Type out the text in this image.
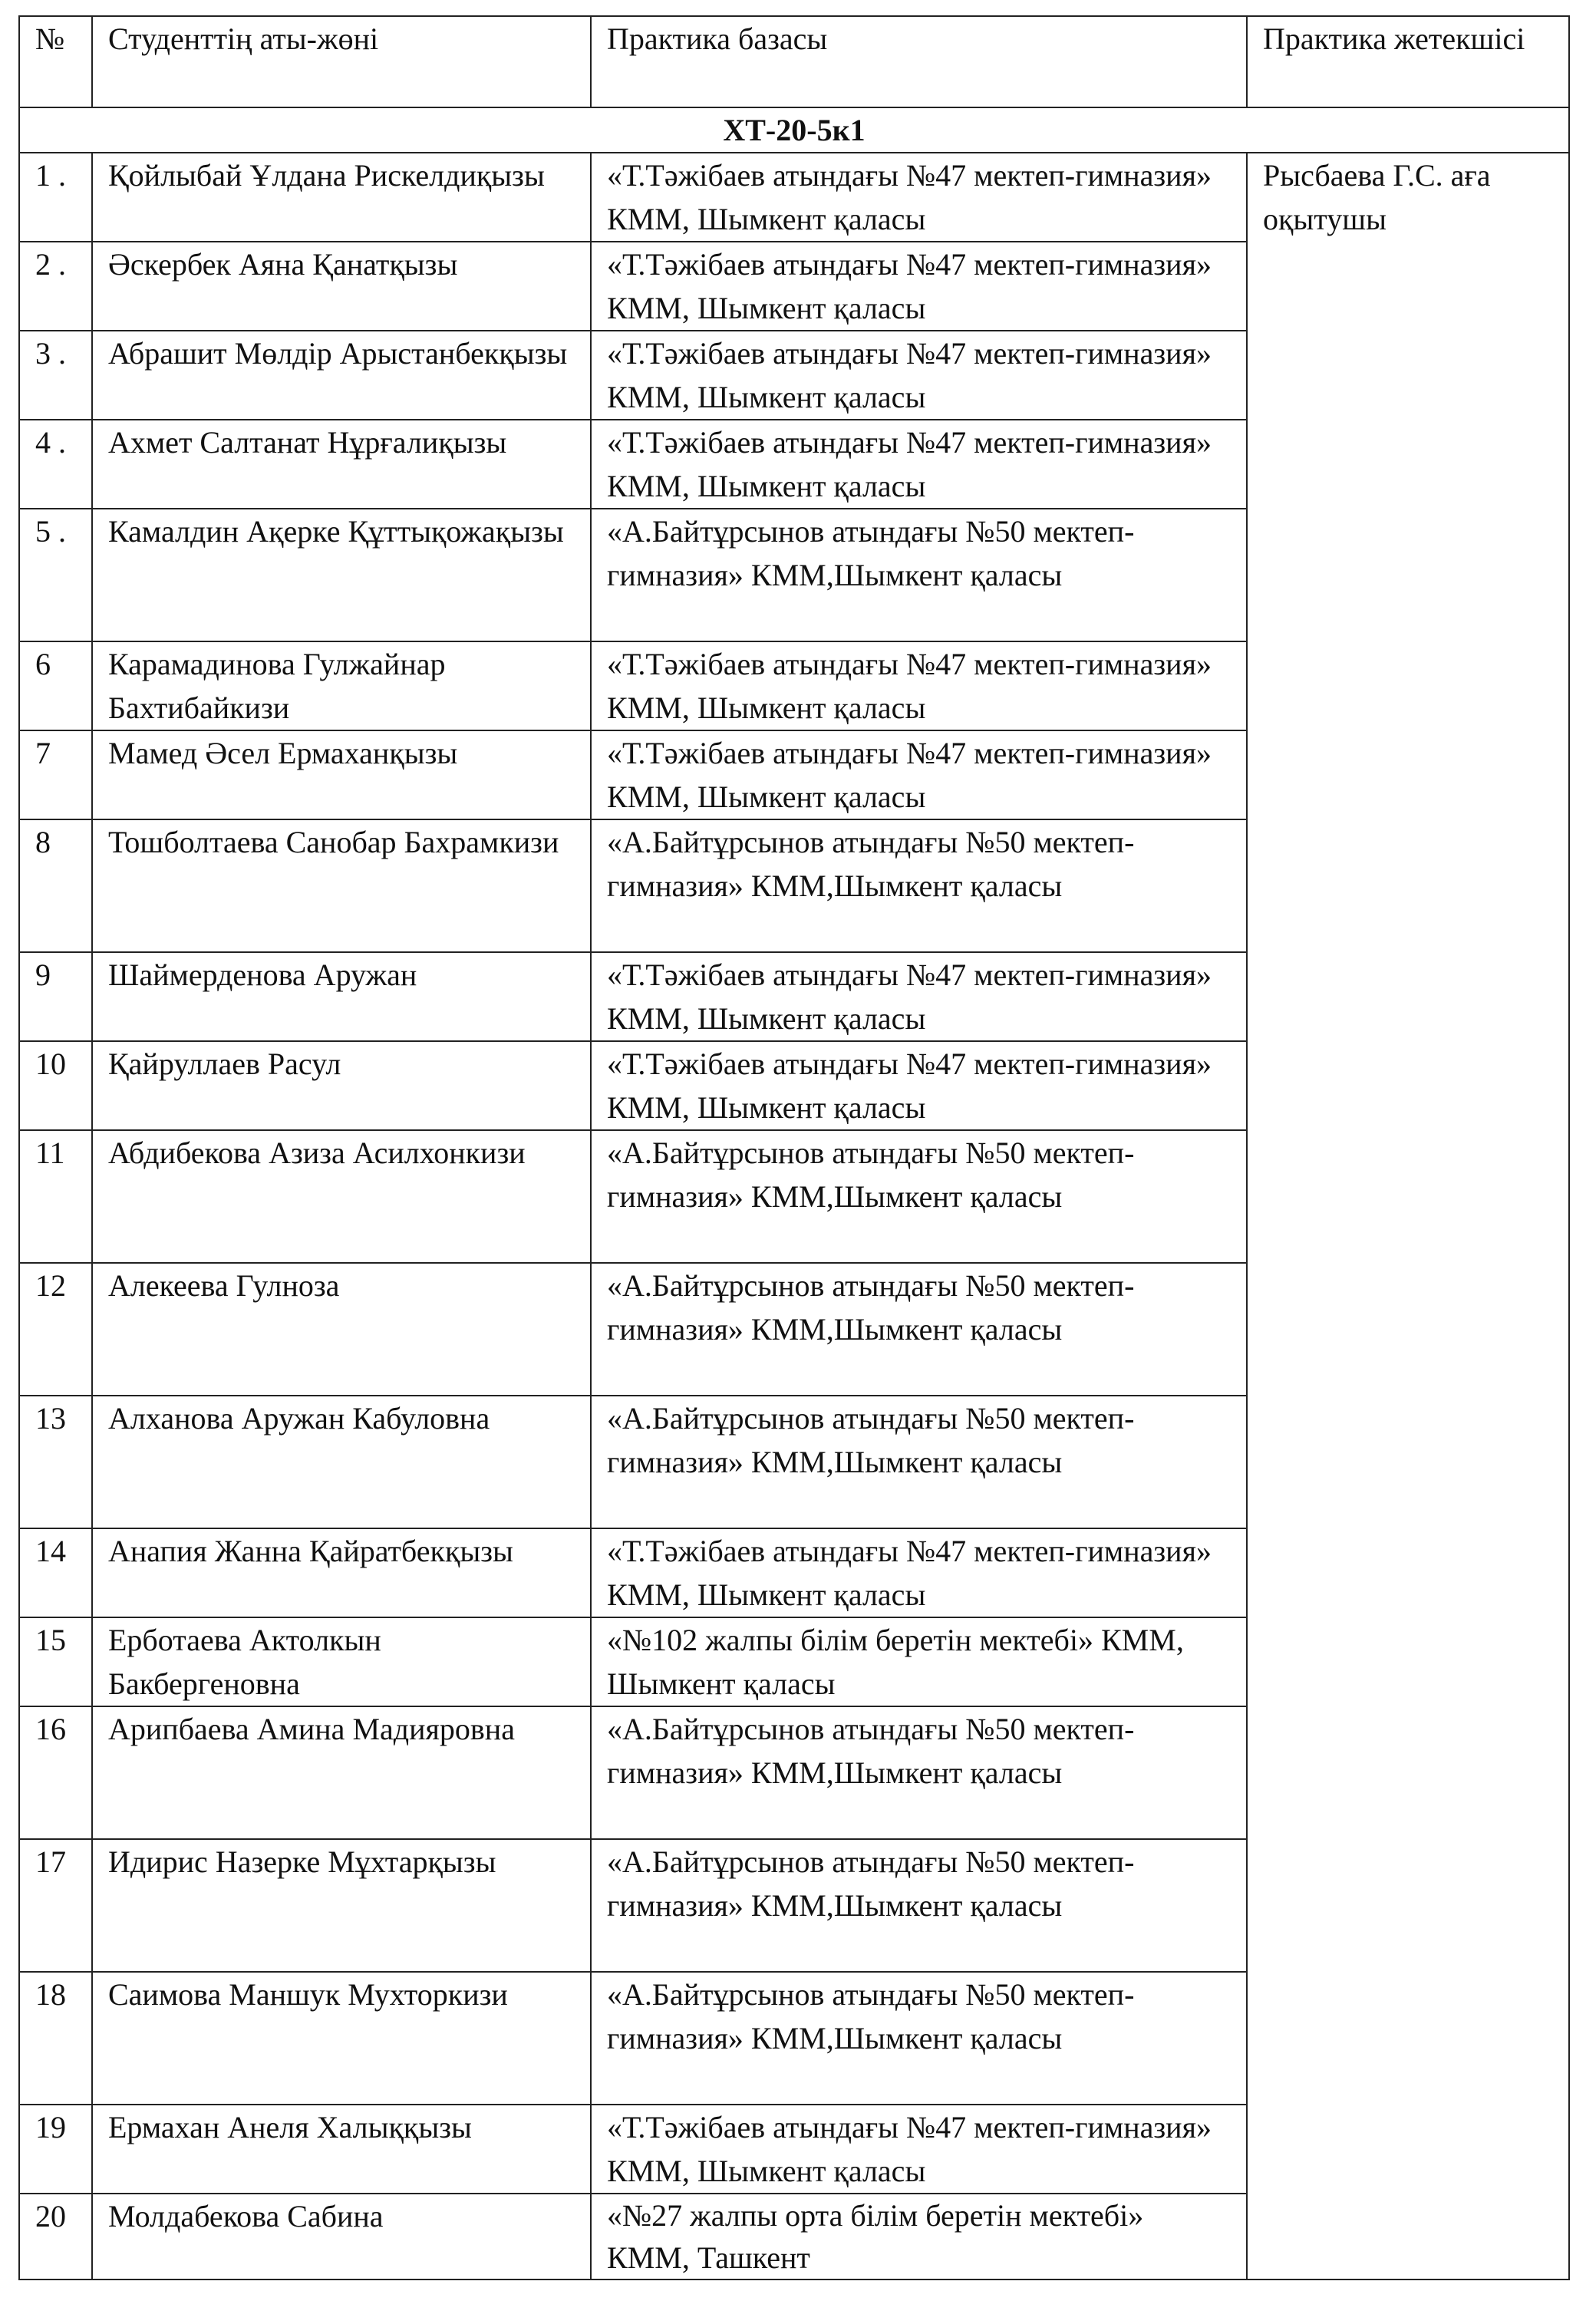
№	Студенттің аты-жөні	Практика базасы	Практика жетекшісі
ХТ-20-5к1			
1 .	Қойлыбай Ұлдана Рискелдиқызы	«Т.Тәжібаев атындағы №47 мектеп-гимназия» КММ, Шымкент қаласы	Рысбаева Г.С. аға оқытушы
2 .	Әскербек Аяна Қанатқызы	«Т.Тәжібаев атындағы №47 мектеп-гимназия» КММ, Шымкент қаласы	
3 .	Абрашит Мөлдір Арыстанбекқызы	«Т.Тәжібаев атындағы №47 мектеп-гимназия» КММ, Шымкент қаласы	
4 .	Ахмет Салтанат Нұрғалиқызы	«Т.Тәжібаев атындағы №47 мектеп-гимназия» КММ, Шымкент қаласы	
5 .	Камалдин Ақерке Құттықожақызы	«А.Байтұрсынов атындағы №50 мектеп-гимназия» КММ,Шымкент қаласы	
6	Карамадинова Гулжайнар Бахтибайкизи	«Т.Тәжібаев атындағы №47 мектеп-гимназия» КММ, Шымкент қаласы	
7	Мамед Әсел Ермаханқызы	«Т.Тәжібаев атындағы №47 мектеп-гимназия» КММ, Шымкент қаласы	
8	Тошболтаева Санобар Бахрамкизи	«А.Байтұрсынов атындағы №50 мектеп-гимназия» КММ,Шымкент қаласы	
9	Шаймерденова Аружан	«Т.Тәжібаев атындағы №47 мектеп-гимназия» КММ, Шымкент қаласы	
10	Қайруллаев Расул	«Т.Тәжібаев атындағы №47 мектеп-гимназия» КММ, Шымкент қаласы	
11	Абдибекова Азиза Асилхонкизи	«А.Байтұрсынов атындағы №50 мектеп-гимназия» КММ,Шымкент қаласы	
12	Алекеева Гулноза	«А.Байтұрсынов атындағы №50 мектеп-гимназия» КММ,Шымкент қаласы	
13	Алханова Аружан Кабуловна	«А.Байтұрсынов атындағы №50 мектеп-гимназия» КММ,Шымкент қаласы	
14	Анапия Жанна Қайратбекқызы	«Т.Тәжібаев атындағы №47 мектеп-гимназия» КММ, Шымкент қаласы	
15	Ерботаева Актолкын Бакбергеновна	«№102 жалпы білім беретін мектебі» КММ, Шымкент қаласы	
16	Арипбаева Амина Мадияровна	«А.Байтұрсынов атындағы №50 мектеп-гимназия» КММ,Шымкент қаласы	
17	Идирис Назерке Мұхтарқызы	«А.Байтұрсынов атындағы №50 мектеп-гимназия» КММ,Шымкент қаласы	
18	Саимова Маншук Мухторкизи	«А.Байтұрсынов атындағы №50 мектеп-гимназия» КММ,Шымкент қаласы	
19	Ермахан Анеля Халыққызы	«Т.Тәжібаев атындағы №47 мектеп-гимназия» КММ, Шымкент қаласы	
20	Молдабекова Сабина	«№27 жалпы орта білім беретін мектебі» КММ, Ташкент	
